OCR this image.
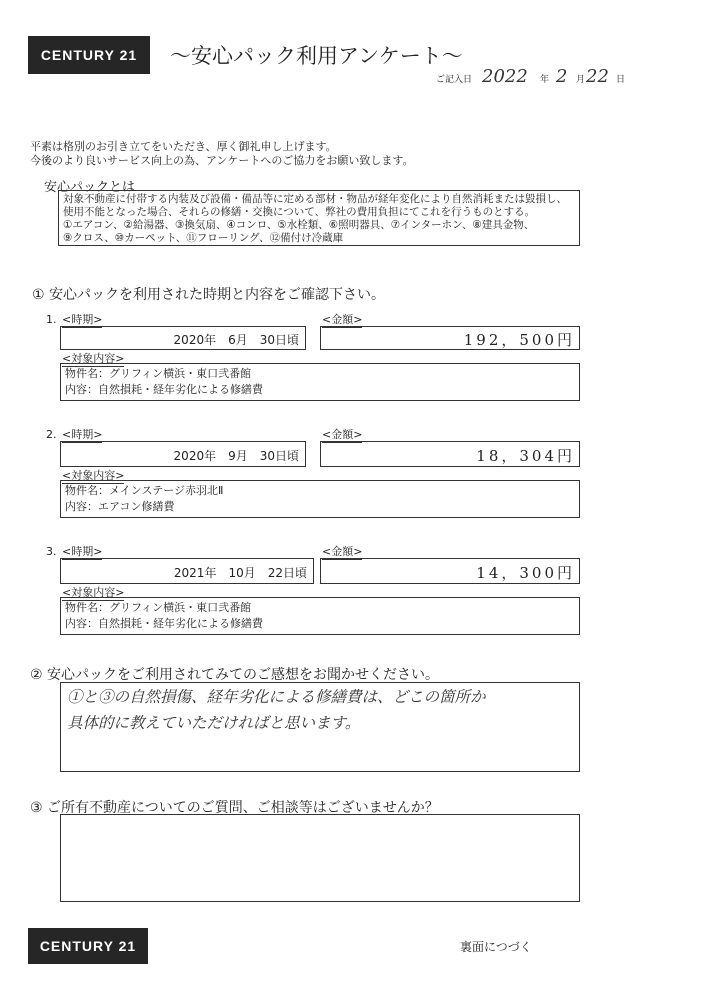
CENTURY 21	～安心パック利用アンケート～
ご記入日 2022 年 2 月 22 日
平素は格別のお引き立てをいただき、厚く御礼申し上げます。
今後のより良いサービス向上の為、アンケートへのご協力をお願い致します。
安心パックとは
対象不動産に付帯する内装及び設備・備品等に定める部材・物品が経年変化により自然消耗または毀損し、
使用不能となった場合、それらの修繕・交換について、弊社の費用負担にてこれを行うものとする。
①エアコン、②給湯器、③換気扇、④コンロ、⑤水栓類、⑥照明器具、⑦インターホン、⑧建具金物、
⑨クロス、⑩カーペット、⑪フローリング、⑫備付け冷蔵庫
① 安心パックを利用された時期と内容をご確認下さい。
1. <時期>
2020年　6月　30日頃
<金額>
192，500円
<対象内容>
物件名：グリフィン横浜・東口弐番館
内容：自然損耗・経年劣化による修繕費
2. <時期>
2020年　9月　30日頃
<金額>
18，304円
<対象内容>
物件名：メインステージ赤羽北Ⅱ
内容：エアコン修繕費
3. <時期>
2021年　10月　22日頃
<金額>
14，300円
<対象内容>
物件名：グリフィン横浜・東口弐番館
内容：自然損耗・経年劣化による修繕費
② 安心パックをご利用されてみてのご感想をお聞かせください。
①と③の自然損傷、経年劣化による修繕費は、どこの箇所か
具体的に教えていただければと思います。
③ ご所有不動産についてのご質問、ご相談等はございませんか？
CENTURY 21	裏面につづく
